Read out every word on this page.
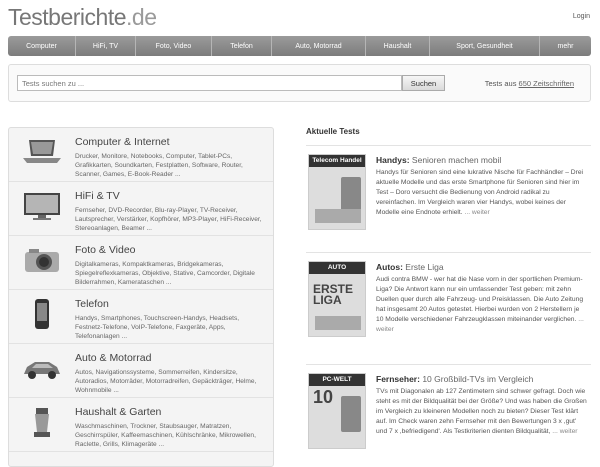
Testberichte.de	Login
Computer	HiFi, TV	Foto, Video	Telefon	Auto, Motorrad	Haushalt	Sport, Gesundheit	mehr
Tests suchen zu ...
Suchen	Tests aus 650 Zeitschriften
Computer & Internet
Drucker, Monitore, Notebooks, Computer, Tablet-PCs, Grafikkarten, Soundkarten, Festplatten, Software, Router, Scanner, Games, E-Book-Reader ...
HiFi & TV
Fernseher, DVD-Recorder, Blu-ray-Player, TV-Receiver, Lautsprecher, Verstärker, Kopfhörer, MP3-Player, HiFi-Receiver, Stereoanlagen, Beamer ...
Foto & Video
Digitalkameras, Kompaktkameras, Bridgekameras, Spiegelreflexkameras, Objektive, Stative, Camcorder, Digitale Bilderrahmen, Kamerataschen ...
Telefon
Handys, Smartphones, Touchscreen-Handys, Headsets, Festnetz-Telefone, VoIP-Telefone, Faxgeräte, Apps, Telefonanlagen ...
Auto & Motorrad
Autos, Navigationssysteme, Sommerreifen, Kindersitze, Autoradios, Motorräder, Motorradreifen, Gepäckträger, Helme, Wohnmobile ...
Haushalt & Garten
Waschmaschinen, Trockner, Staubsauger, Matratzen, Geschirrspüler, Kaffeemaschinen, Kühlschränke, Mikrowellen, Raclette, Grills, Klimageräte ...
Aktuelle Tests
Telecom Handel	Handys: Senioren machen mobil
Handys für Senioren sind eine lukrative Nische für Fachhändler – Drei aktuelle Modelle und das erste Smartphone für Senioren sind hier im Test – Doro versucht die Bedienung von Android radikal zu vereinfachen. Im Vergleich waren vier Handys, wobei keines der Modelle eine Endnote erhielt. ... weiter
AUTO
ERSTE LIGA
Autos: Erste Liga
Audi contra BMW - wer hat die Nase vorn in der sportlichen Premium-Liga? Die Antwort kann nur ein umfassender Test geben: mit zehn Duellen quer durch alle Fahrzeug- und Preisklassen. Die Auto Zeitung hat insgesamt 20 Autos getestet. Hierbei wurden von 2 Herstellern je 10 Modelle verschiedener Fahrzeugklassen miteinander verglichen. ... weiter
PC-WELT
10
Fernseher: 10 Großbild-TVs im Vergleich
TVs mit Diagonalen ab 127 Zentimetern sind schwer gefragt. Doch wie steht es mit der Bildqualität bei der Größe? Und was haben die Großen im Vergleich zu kleineren Modellen noch zu bieten? Dieser Test klärt auf. Im Check waren zehn Fernseher mit den Bewertungen 3 x ,gut' und 7 x ,befriedigend'. Als Testkriterien dienten Bildqualität, ... weiter
